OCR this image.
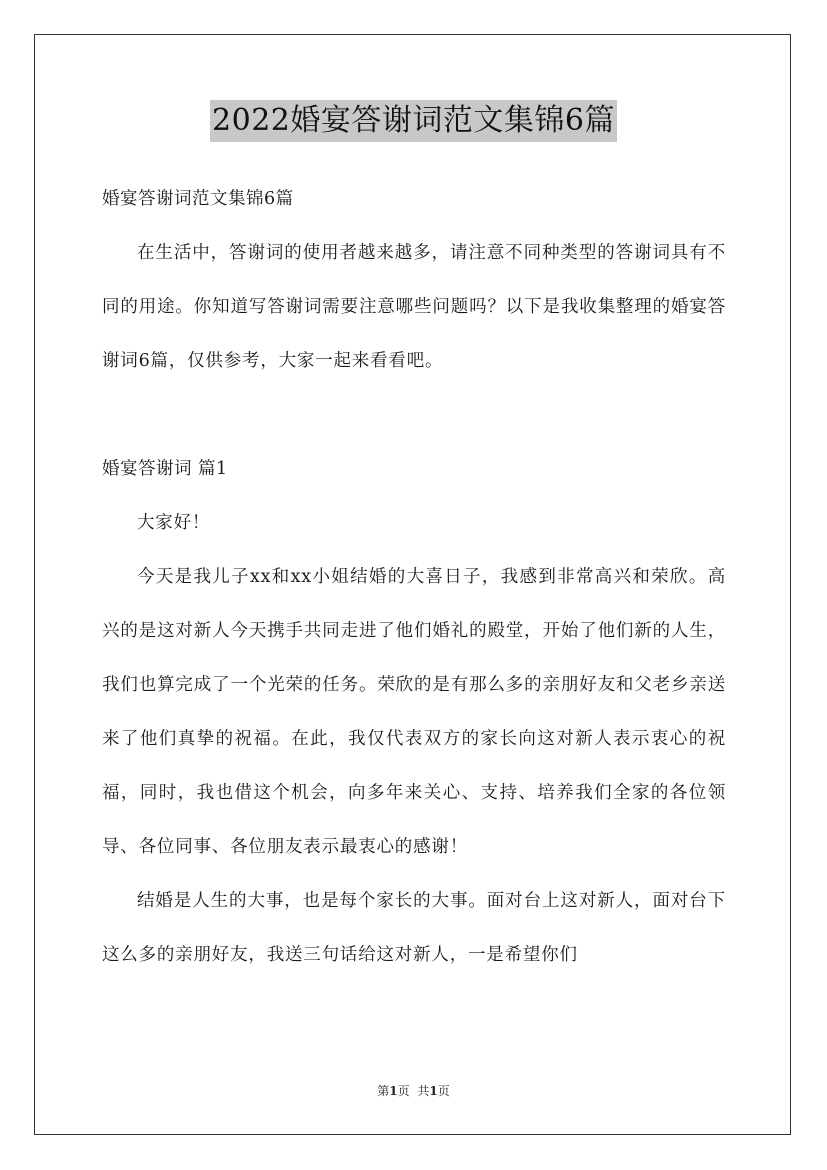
2022婚宴答谢词范文集锦6篇

婚宴答谢词范文集锦6篇

在生活中，答谢词的使用者越来越多，请注意不同种类型的答谢词具有不同的用途。你知道写答谢词需要注意哪些问题吗？以下是我收集整理的婚宴答谢词6篇，仅供参考，大家一起来看看吧。

婚宴答谢词 篇1

大家好！

今天是我儿子xx和xx小姐结婚的大喜日子，我感到非常高兴和荣欣。高兴的是这对新人今天携手共同走进了他们婚礼的殿堂，开始了他们新的人生，我们也算完成了一个光荣的任务。荣欣的是有那么多的亲朋好友和父老乡亲送来了他们真挚的祝福。在此，我仅代表双方的家长向这对新人表示衷心的祝福，同时，我也借这个机会，向多年来关心、支持、培养我们全家的各位领导、各位同事、各位朋友表示最衷心的感谢！

结婚是人生的大事，也是每个家长的大事。面对台上这对新人，面对台下这么多的亲朋好友，我送三句话给这对新人，一是希望你们

第1页 共1页
